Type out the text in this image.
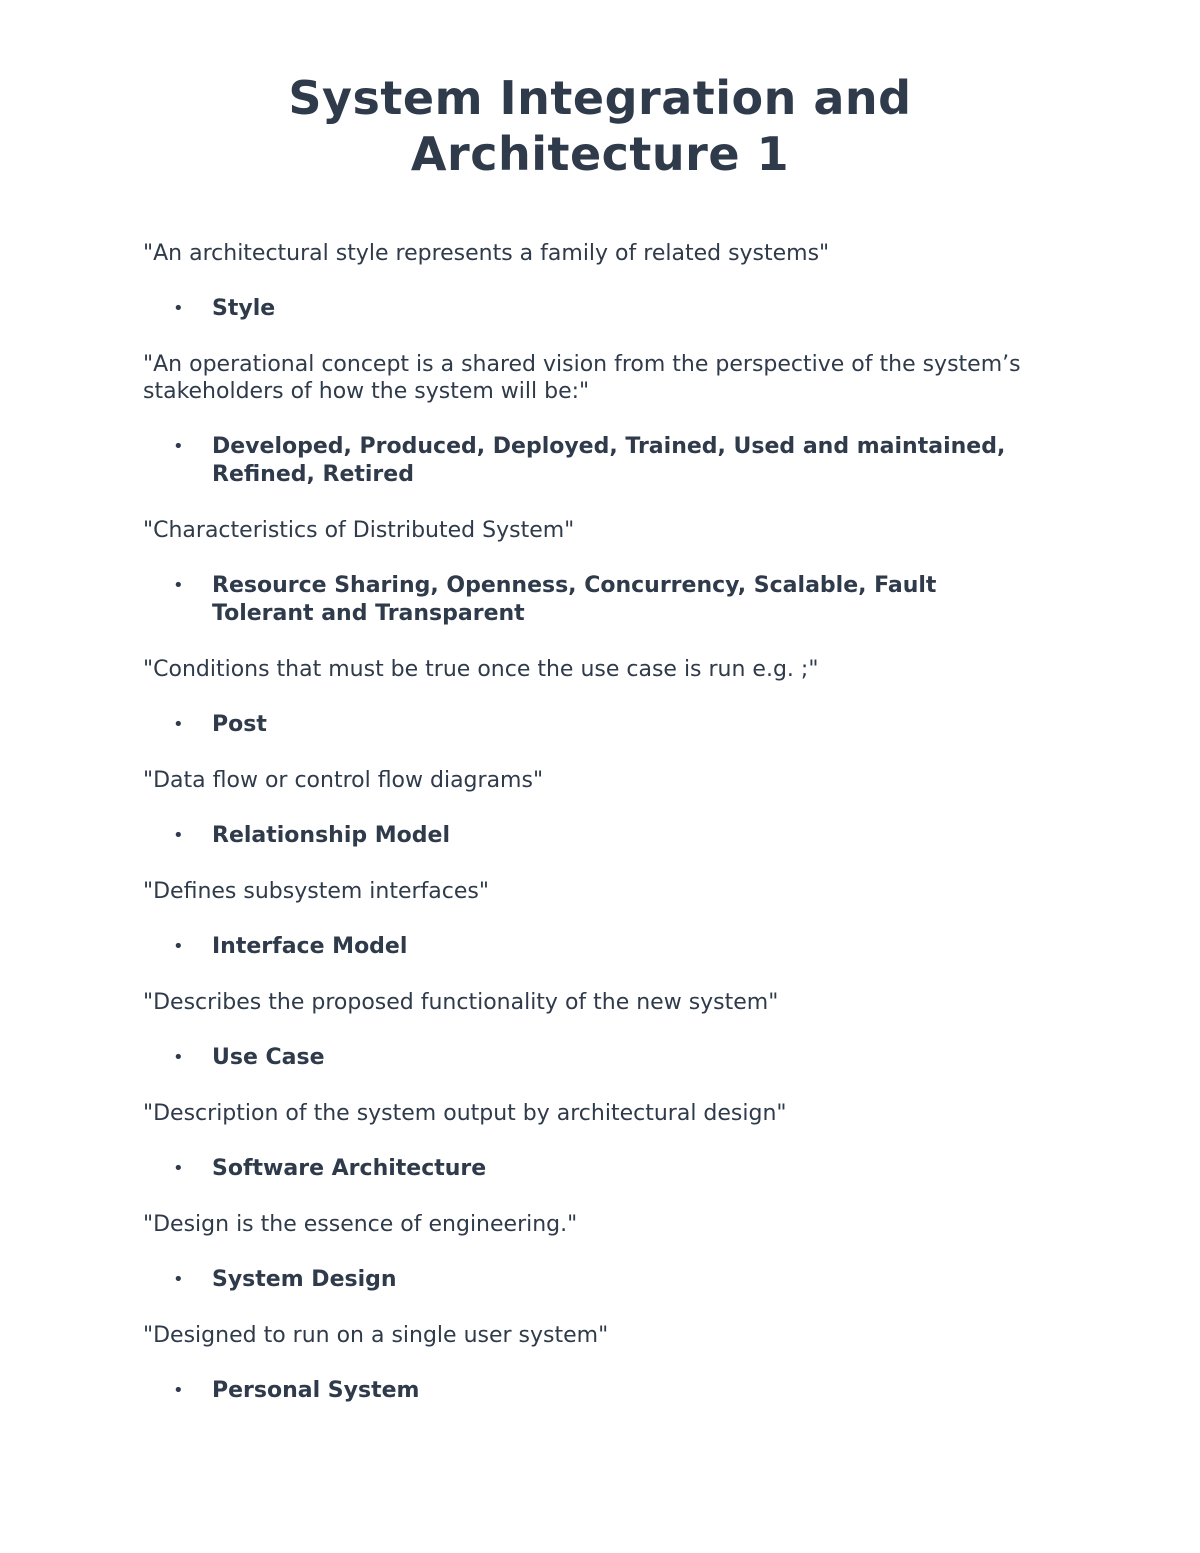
System Integration and
Architecture 1

"An architectural style represents a family of related systems"

• Style

"An operational concept is a shared vision from the perspective of the system’s stakeholders of how the system will be:"

• Developed, Produced, Deployed, Trained, Used and maintained, Refined, Retired

"Characteristics of Distributed System"

• Resource Sharing, Openness, Concurrency, Scalable, Fault Tolerant and Transparent

"Conditions that must be true once the use case is run e.g. ;"

• Post

"Data flow or control flow diagrams"

• Relationship Model

"Defines subsystem interfaces"

• Interface Model

"Describes the proposed functionality of the new system"

• Use Case

"Description of the system output by architectural design"

• Software Architecture

"Design is the essence of engineering."

• System Design

"Designed to run on a single user system"

• Personal System
